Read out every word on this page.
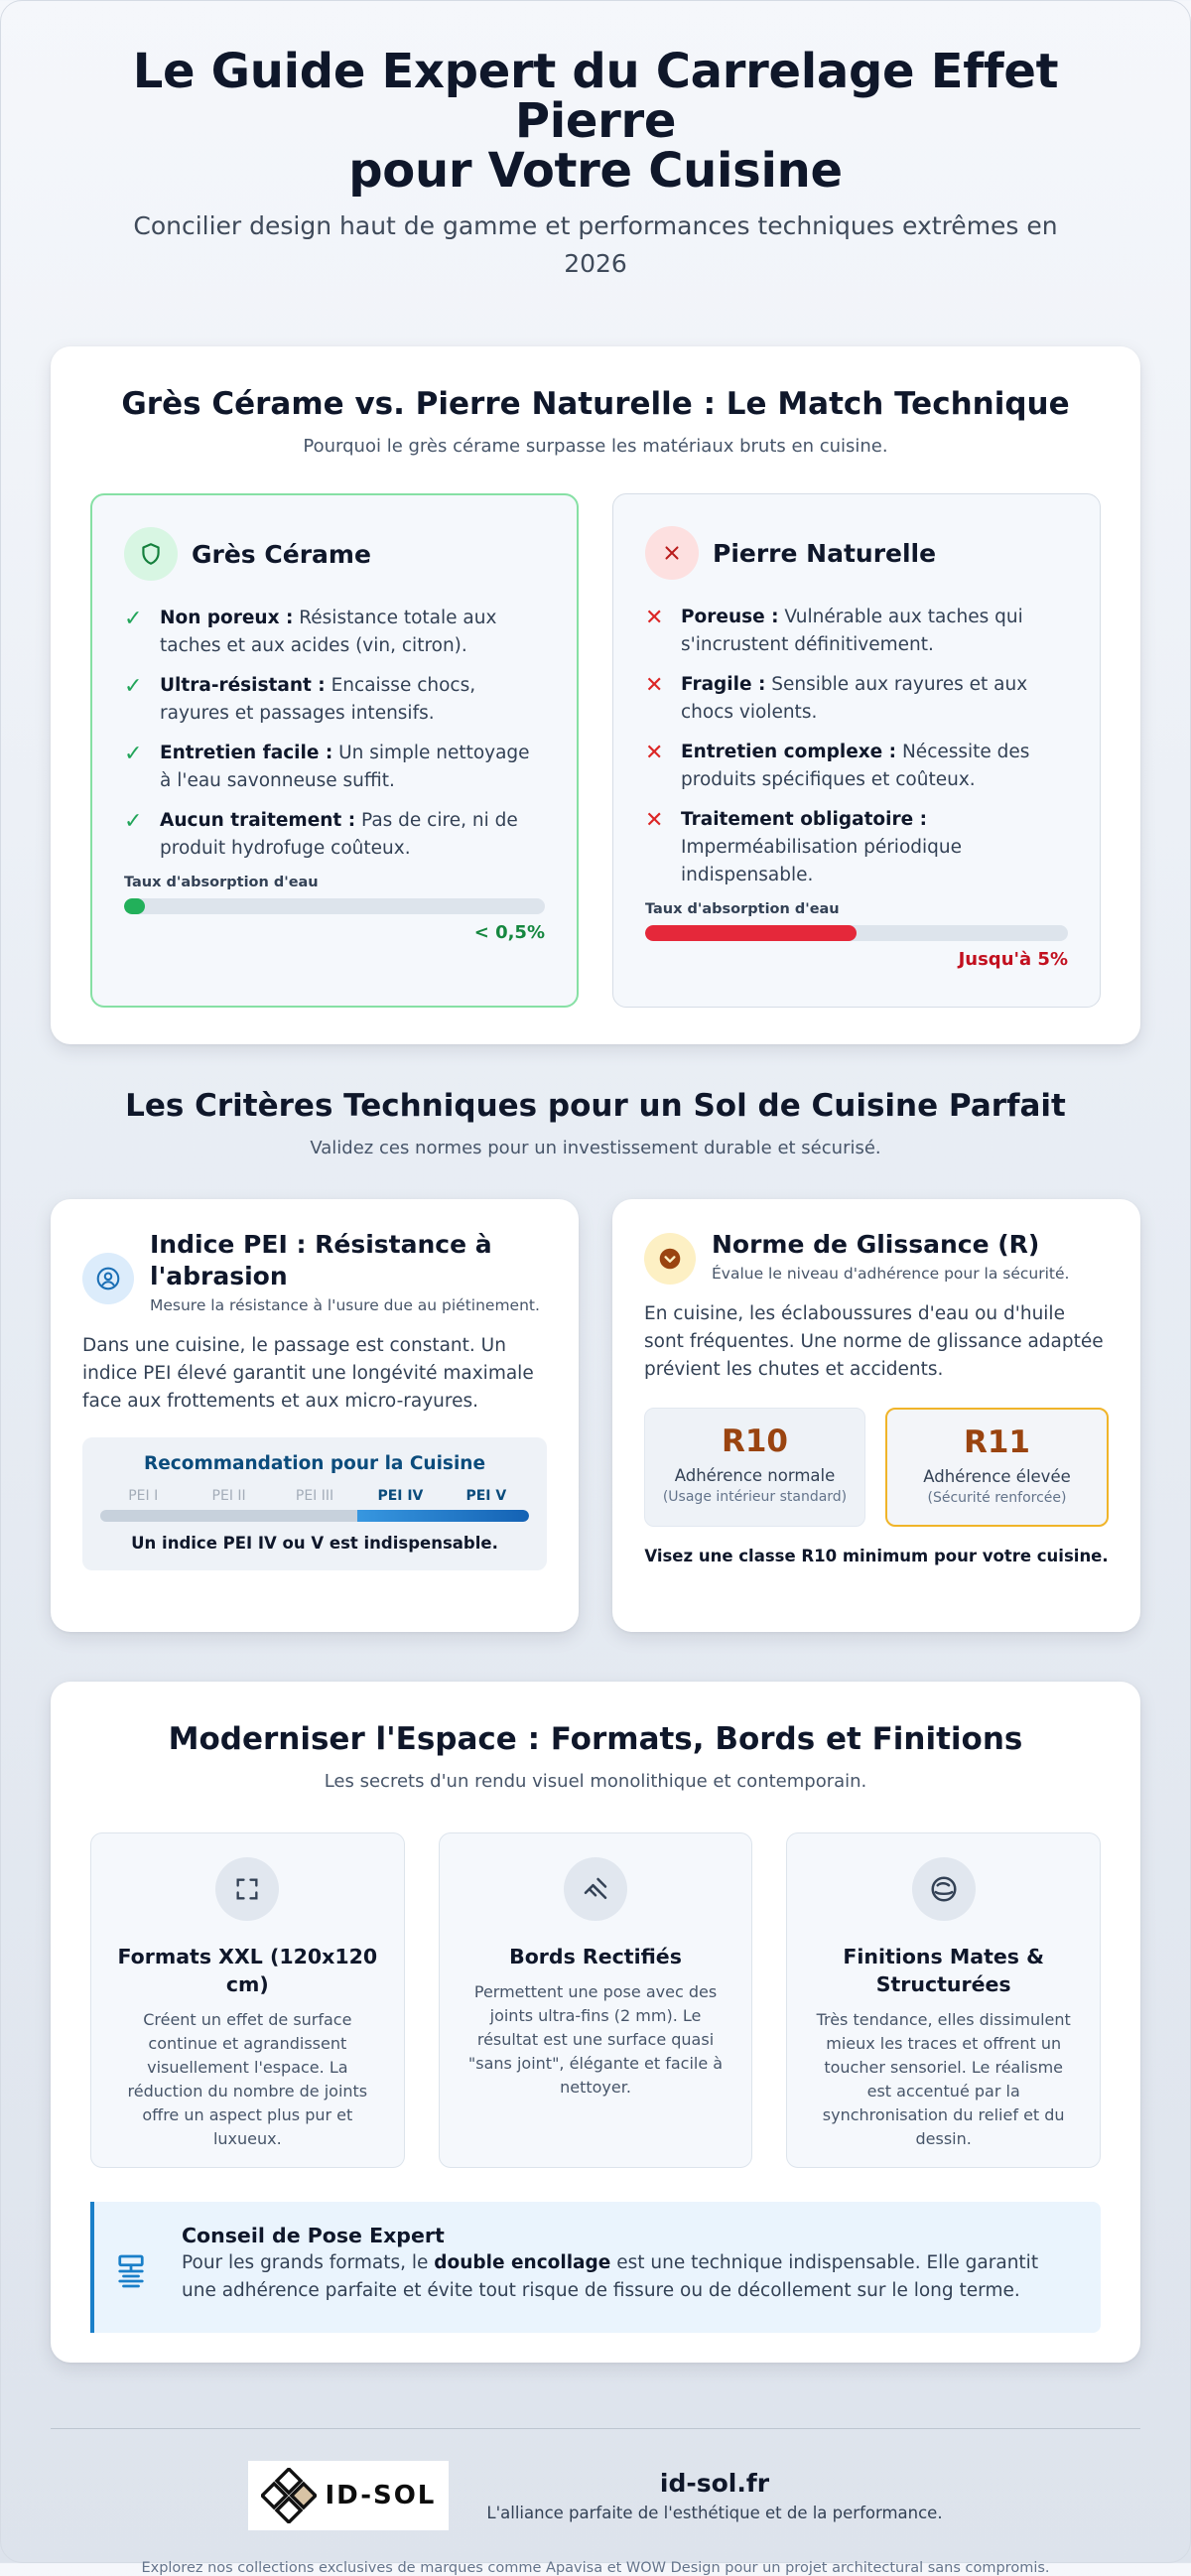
Le Guide Expert du Carrelage Effet Pierre
pour Votre Cuisine

Concilier design haut de gamme et performances techniques extrêmes en 2026

Grès Cérame vs. Pierre Naturelle : Le Match Technique

Pourquoi le grès cérame surpasse les matériaux bruts en cuisine.

Grès Cérame
✓ Non poreux : Résistance totale aux taches et aux acides (vin, citron).
✓ Ultra-résistant : Encaisse chocs, rayures et passages intensifs.
✓ Entretien facile : Un simple nettoyage à l'eau savonneuse suffit.
✓ Aucun traitement : Pas de cire, ni de produit hydrofuge coûteux.
Taux d'absorption d'eau
< 0,5%
Pierre Naturelle
✕ Poreuse : Vulnérable aux taches qui s'incrustent définitivement.
✕ Fragile : Sensible aux rayures et aux chocs violents.
✕ Entretien complexe : Nécessite des produits spécifiques et coûteux.
✕ Traitement obligatoire : Imperméabilisation périodique indispensable.
Taux d'absorption d'eau
Jusqu'à 5%
Les Critères Techniques pour un Sol de Cuisine Parfait

Validez ces normes pour un investissement durable et sécurisé.

Indice PEI : Résistance à l'abrasion
Mesure la résistance à l'usure due au piétinement.

Dans une cuisine, le passage est constant. Un indice PEI élevé garantit une longévité maximale face aux frottements et aux micro-rayures.

Recommandation pour la Cuisine
PEI I	PEI II	PEI III	PEI IV	PEI V
Un indice PEI IV ou V est indispensable.
Norme de Glissance (R)
Évalue le niveau d'adhérence pour la sécurité.

En cuisine, les éclaboussures d'eau ou d'huile sont fréquentes. Une norme de glissance adaptée prévient les chutes et accidents.

R10
Adhérence normale
(Usage intérieur standard)
R11
Adhérence élevée
(Sécurité renforcée)
Visez une classe R10 minimum pour votre cuisine.
Moderniser l'Espace : Formats, Bords et Finitions

Les secrets d'un rendu visuel monolithique et contemporain.

Formats XXL (120x120 cm)

Créent un effet de surface continue et agrandissent visuellement l'espace. La réduction du nombre de joints offre un aspect plus pur et luxueux.

Bords Rectifiés

Permettent une pose avec des joints ultra-fins (2 mm). Le résultat est une surface quasi "sans joint", élégante et facile à nettoyer.

Finitions Mates & Structurées

Très tendance, elles dissimulent mieux les traces et offrent un toucher sensoriel. Le réalisme est accentué par la synchronisation du relief et du dessin.

Conseil de Pose Expert

Pour les grands formats, le double encollage est une technique indispensable. Elle garantit une adhérence parfaite et évite tout risque de fissure ou de décollement sur le long terme.

ID-SOL	id-sol.fr
L'alliance parfaite de l'esthétique et de la performance.

Explorez nos collections exclusives de marques comme Apavisa et WOW Design pour un projet architectural sans compromis.
